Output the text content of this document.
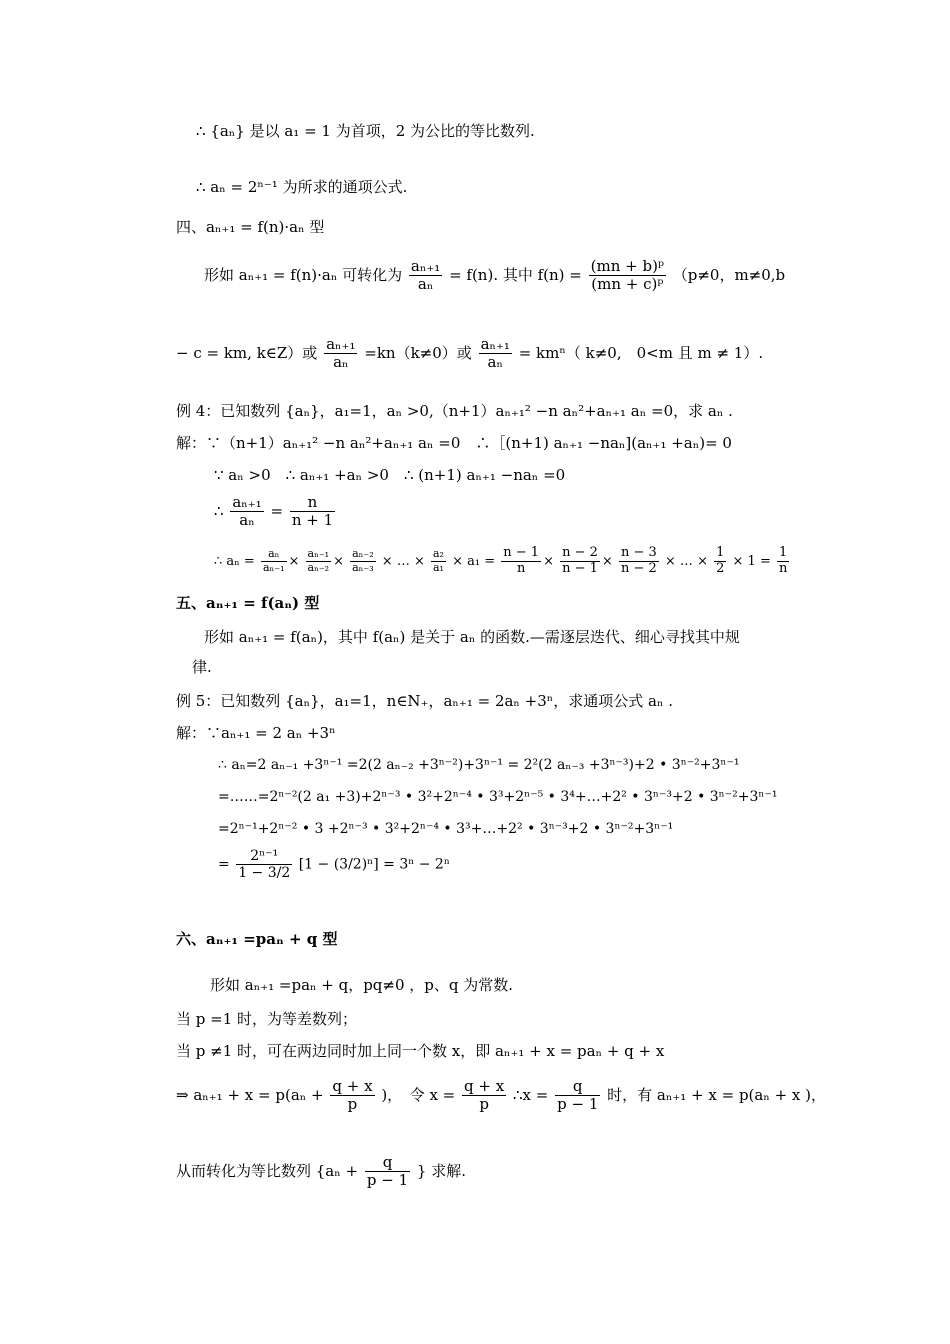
∴ {aₙ} 是以 a₁ = 1 为首项，2 为公比的等比数列.
∴ aₙ = 2ⁿ⁻¹ 为所求的通项公式.
四、aₙ₊₁ = f(n)·aₙ 型
形如 aₙ₊₁ = f(n)·aₙ 可转化为 $\frac{\text{aₙ₊₁}}{\text{aₙ}} = f(n)$. 其中 $f(n) = \frac{\text{(mn + b)ᵖ}}{\text{(mn + c)ᵖ}} (p\ne 0$，m≠0,b
− c = km, k∈Z）或 $\frac{\text{aₙ₊₁}}{\text{aₙ}} =kn(k\ne 0)$或 $\frac{\text{aₙ₊₁}}{\text{aₙ}} = km^n$（ k≠0,　0<m 且 m ≠ 1）.
例 4：已知数列 {aₙ}，a₁=1，aₙ >0,（n+1）aₙ₊₁² −n aₙ²+aₙ₊₁ aₙ =0，求 aₙ .
解：∵（n+1）aₙ₊₁² −n aₙ²+aₙ₊₁ aₙ =0　∴［(n+1) aₙ₊₁ −naₙ](aₙ₊₁ +aₙ)= 0
∵ aₙ >0　∴ aₙ₊₁ +aₙ >0　∴ (n+1) aₙ₊₁ −naₙ =0
∴ $\frac{\text{aₙ₊₁}}{\text{aₙ}} = \frac{n}{n + 1}$
∴ $a_n = \frac{\text{aₙ}}{\text{aₙ₋₁}} \times \frac{\text{aₙ₋₁}}{\text{aₙ₋₂}} \times \frac{\text{aₙ₋₂}}{\text{aₙ₋₃}}$ × … × $\frac{\text{a₂}}{\text{a₁}} \times a_1 = \frac{n - 1}{n} \times \frac{n - 2}{n - 1} \times \frac{n - 3}{n - 2}$ × … × $\frac{1}{2} \times 1 = \frac{1}{n}$
五、aₙ₊₁ = f(aₙ) 型
形如 aₙ₊₁ = f(aₙ)，其中 f(aₙ) 是关于 aₙ 的函数.—需逐层迭代、细心寻找其中规
律.
例 5：已知数列 {aₙ}，a₁=1，n∈N₊，aₙ₊₁ = 2aₙ +3ⁿ，求通项公式 aₙ .
解：∵aₙ₊₁ = 2 aₙ +3ⁿ
∴ aₙ=2 aₙ₋₁ +3ⁿ⁻¹ =2(2 aₙ₋₂ +3ⁿ⁻²)+3ⁿ⁻¹ = 2²(2 aₙ₋₃ +3ⁿ⁻³)+2 • 3ⁿ⁻²+3ⁿ⁻¹
=……=2ⁿ⁻²(2 a₁ +3)+2ⁿ⁻³ • 3²+2ⁿ⁻⁴ • 3³+2ⁿ⁻⁵ • 3⁴+…+2² • 3ⁿ⁻³+2 • 3ⁿ⁻²+3ⁿ⁻¹
=2ⁿ⁻¹+2ⁿ⁻² • 3 +2ⁿ⁻³ • 3²+2ⁿ⁻⁴ • 3³+…+2² • 3ⁿ⁻³+2 • 3ⁿ⁻²+3ⁿ⁻¹
= $\frac{\text{2ⁿ⁻¹}}{1 - 3/2} [1 - (3/2)^n] = 3^n - 2^n$
六、aₙ₊₁ =paₙ + q 型
形如 aₙ₊₁ =paₙ + q，pq≠0 ，p、q 为常数.
当 p =1 时，为等差数列；
当 p ≠1 时，可在两边同时加上同一个数 x，即 aₙ₊₁ + x = paₙ + q + x
⇒ $a_{n+1} + x = p(a_n + \frac{q + x}{p}$ )，　令 $x = \frac{q + x}{p}$ ∴x = $\frac{q}{p - 1}$ 时，有 aₙ₊₁ + x = p(aₙ + x )，
从而转化为等比数列 {$a_n + \frac{q}{p - 1}$ } 求解.
